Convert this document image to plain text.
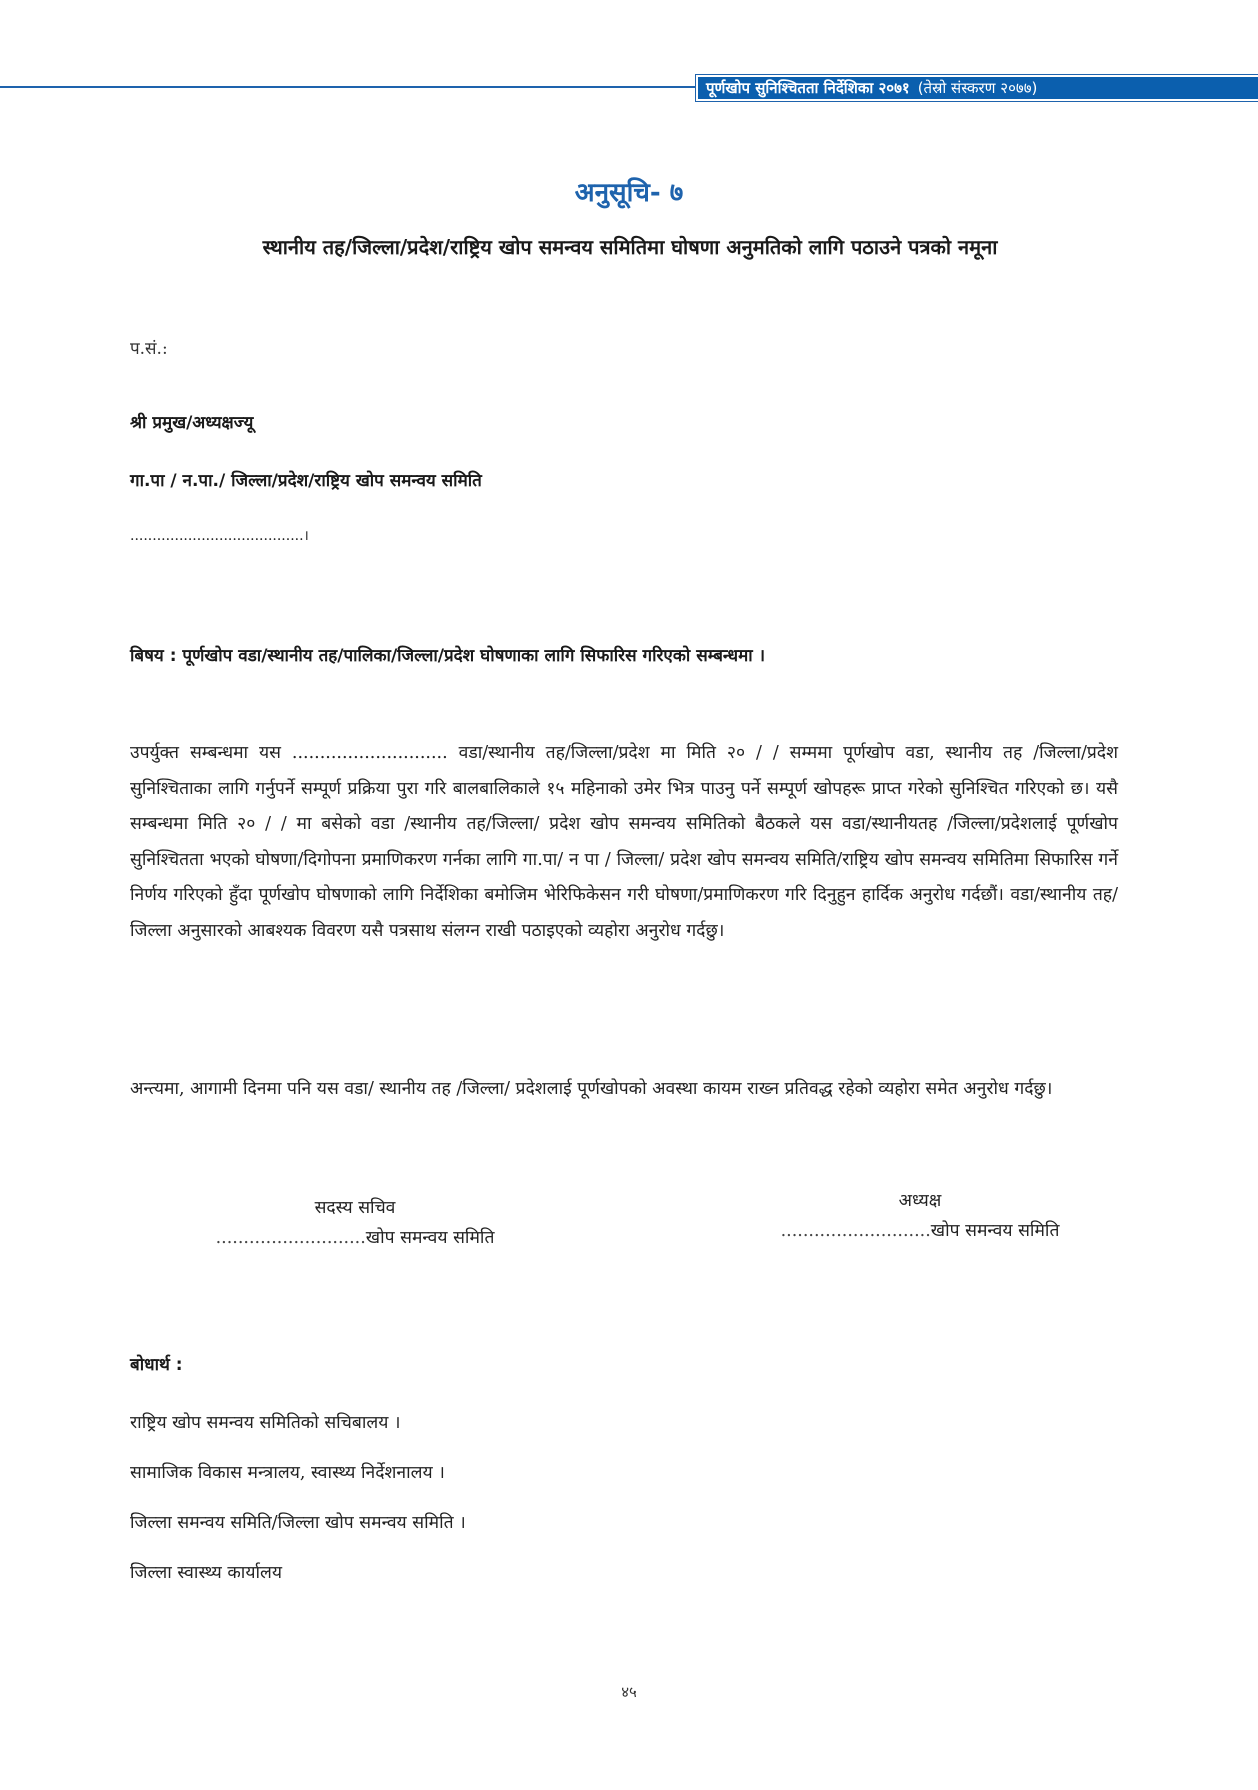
पूर्णखोप सुनिश्चितता निर्देशिका २०७१ (तेस्रो संस्करण २०७७)
अनुसूचि- ७
स्थानीय तह/जिल्ला/प्रदेश/राष्ट्रिय खोप समन्वय समितिमा घोषणा अनुमतिको लागि पठाउने पत्रको नमूना
प.सं.:
श्री प्रमुख/अध्यक्षज्यू
गा.पा / न.पा./ जिल्ला/प्रदेश/राष्ट्रिय खोप समन्वय समिति
.......................................।
बिषय : पूर्णखोप वडा/स्थानीय तह/पालिका/जिल्ला/प्रदेश घोषणाका लागि सिफारिस गरिएको सम्बन्धमा ।
उपर्युक्त सम्बन्धमा यस ............................ वडा/स्थानीय तह/जिल्ला/प्रदेश मा मिति २० / / सम्ममा पूर्णखोप वडा, स्थानीय तह /जिल्ला/प्रदेश सुनिश्चिताका लागि गर्नुपर्ने सम्पूर्ण प्रक्रिया पुरा गरि बालबालिकाले १५ महिनाको उमेर भित्र पाउनु पर्ने सम्पूर्ण खोपहरू प्राप्त गरेको सुनिश्चित गरिएको छ। यसै सम्बन्धमा मिति २० / / मा बसेको वडा /स्थानीय तह/जिल्ला/ प्रदेश खोप समन्वय समितिको बैठकले यस वडा/स्थानीयतह /जिल्ला/प्रदेशलाई पूर्णखोप सुनिश्चितता भएको घोषणा/दिगोपना प्रमाणिकरण गर्नका लागि गा.पा/ न पा / जिल्ला/ प्रदेश खोप समन्वय समिति/राष्ट्रिय खोप समन्वय समितिमा सिफारिस गर्ने निर्णय गरिएको हुँदा पूर्णखोप घोषणाको लागि निर्देशिका बमोजिम भेरिफिकेसन गरी घोषणा/प्रमाणिकरण गरि दिनुहुन हार्दिक अनुरोध गर्दछौं। वडा/स्थानीय तह/जिल्ला अनुसारको आबश्यक विवरण यसै पत्रसाथ संलग्न राखी पठाइएको व्यहोरा अनुरोध गर्दछु।
अन्त्यमा, आगामी दिनमा पनि यस वडा/ स्थानीय तह /जिल्ला/ प्रदेशलाई पूर्णखोपको अवस्था कायम राख्न प्रतिवद्ध रहेको व्यहोरा समेत अनुरोध गर्दछु।
सदस्य सचिव
...........................खोप समन्वय समिति
अध्यक्ष
...........................खोप समन्वय समिति
बोधार्थ :
राष्ट्रिय खोप समन्वय समितिको सचिबालय ।
सामाजिक विकास मन्त्रालय, स्वास्थ्य निर्देशनालय ।
जिल्ला समन्वय समिति/जिल्ला खोप समन्वय समिति ।
जिल्ला स्वास्थ्य कार्यालय
४५
